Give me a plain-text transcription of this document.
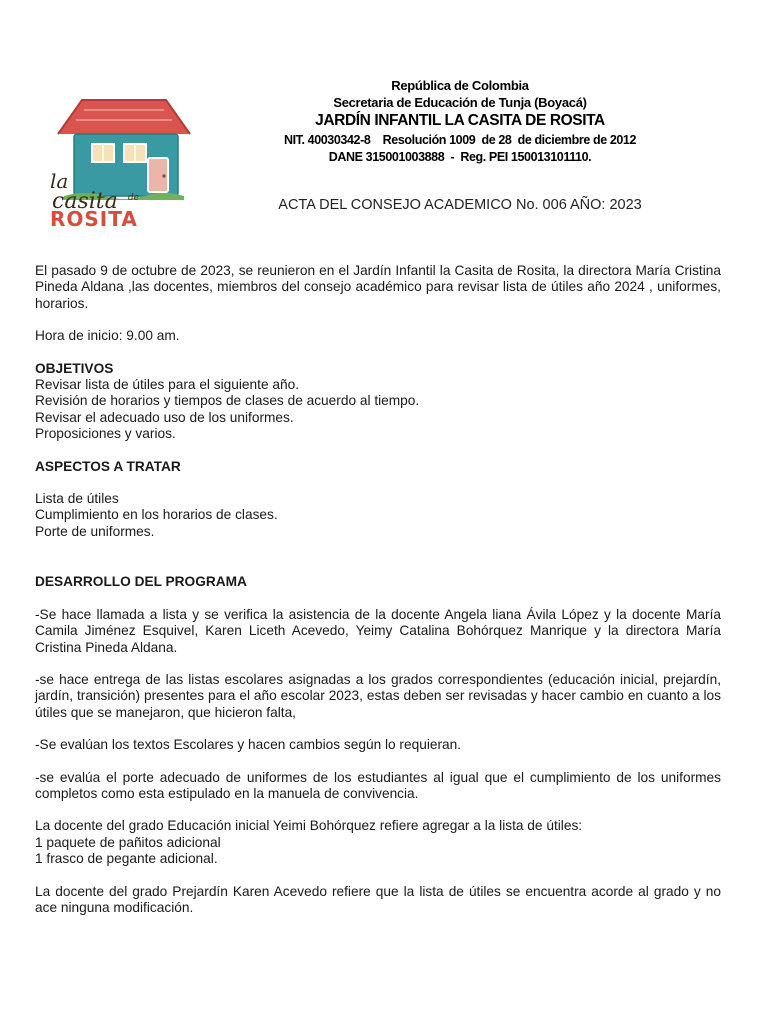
la
casita de
ROSITA
República de Colombia
Secretaria de Educación de Tunja (Boyacá)
JARDÍN INFANTIL LA CASITA DE ROSITA
NIT. 40030342-8    Resolución 1009  de 28  de diciembre de 2012
DANE 315001003888  -  Reg. PEI 150013101110.
ACTA DEL CONSEJO ACADEMICO No. 006 AÑO: 2023

El pasado 9 de octubre de 2023, se reunieron en el Jardín Infantil la Casita de Rosita, la directora María Cristina Pineda Aldana ,las docentes, miembros del consejo académico para revisar lista de útiles año 2024 , uniformes, horarios.

Hora de inicio: 9.00 am.

OBJETIVOS

Revisar lista de útiles para el siguiente año.
Revisión de horarios y tiempos de clases de acuerdo al tiempo.
Revisar el adecuado uso de los uniformes.
Proposiciones y varios.

ASPECTOS A TRATAR

Lista de útiles
Cumplimiento en los horarios de clases.
Porte de uniformes.

DESARROLLO DEL PROGRAMA

-Se hace llamada a lista y se verifica la asistencia de la docente Angela liana Ávila López y la docente María Camila Jiménez Esquivel, Karen Liceth Acevedo, Yeimy Catalina Bohórquez Manrique y la directora María Cristina Pineda Aldana.

-se hace entrega de las listas escolares asignadas a los grados correspondientes (educación inicial, prejardín, jardín, transición) presentes para el año escolar 2023, estas deben ser revisadas y hacer cambio en cuanto a los útiles que se manejaron, que hicieron falta,

-Se evalúan los textos Escolares y hacen cambios según lo requieran.

-se evalúa el porte adecuado de uniformes de los estudiantes al igual que el cumplimiento de los uniformes completos como esta estipulado en la manuela de convivencia.

La docente del grado Educación inicial Yeimi Bohórquez refiere agregar a la lista de útiles:

1 paquete de pañitos adicional
1 frasco de pegante adicional.

La docente del grado Prejardín Karen Acevedo refiere que la lista de útiles se encuentra acorde al grado y no ace ninguna modificación.
